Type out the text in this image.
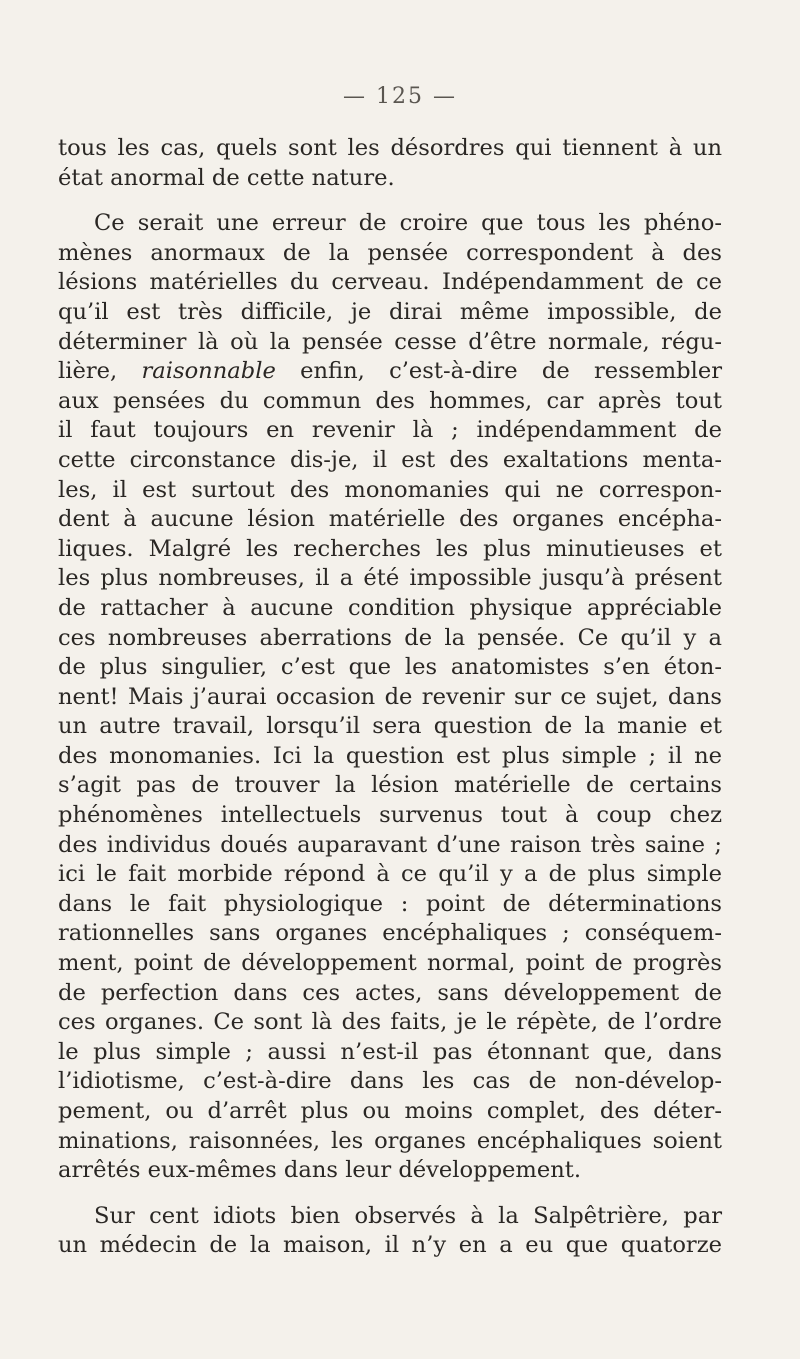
— 125 —
tous les cas, quels sont les désordres qui tiennent à un
état anormal de cette nature.
Ce serait une erreur de croire que tous les phéno-
mènes anormaux de la pensée correspondent à des
lésions matérielles du cerveau. Indépendamment de ce
qu’il est très difficile, je dirai même impossible, de
déterminer là où la pensée cesse d’être normale, régu-
lière, raisonnable enfin, c’est-à-dire de ressembler
aux pensées du commun des hommes, car après tout
il faut toujours en revenir là ; indépendamment de
cette circonstance dis-je, il est des exaltations menta-
les, il est surtout des monomanies qui ne correspon-
dent à aucune lésion matérielle des organes encépha-
liques. Malgré les recherches les plus minutieuses et
les plus nombreuses, il a été impossible jusqu’à présent
de rattacher à aucune condition physique appréciable
ces nombreuses aberrations de la pensée. Ce qu’il y a
de plus singulier, c’est que les anatomistes s’en éton-
nent! Mais j’aurai occasion de revenir sur ce sujet, dans
un autre travail, lorsqu’il sera question de la manie et
des monomanies. Ici la question est plus simple ; il ne
s’agit pas de trouver la lésion matérielle de certains
phénomènes intellectuels survenus tout à coup chez
des individus doués auparavant d’une raison très saine ;
ici le fait morbide répond à ce qu’il y a de plus simple
dans le fait physiologique : point de déterminations
rationnelles sans organes encéphaliques ; conséquem-
ment, point de développement normal, point de progrès
de perfection dans ces actes, sans développement de
ces organes. Ce sont là des faits, je le répète, de l’ordre
le plus simple ; aussi n’est-il pas étonnant que, dans
l’idiotisme, c’est-à-dire dans les cas de non-dévelop-
pement, ou d’arrêt plus ou moins complet, des déter-
minations, raisonnées, les organes encéphaliques soient
arrêtés eux-mêmes dans leur développement.
Sur cent idiots bien observés à la Salpêtrière, par
un médecin de la maison, il n’y en a eu que quatorze
